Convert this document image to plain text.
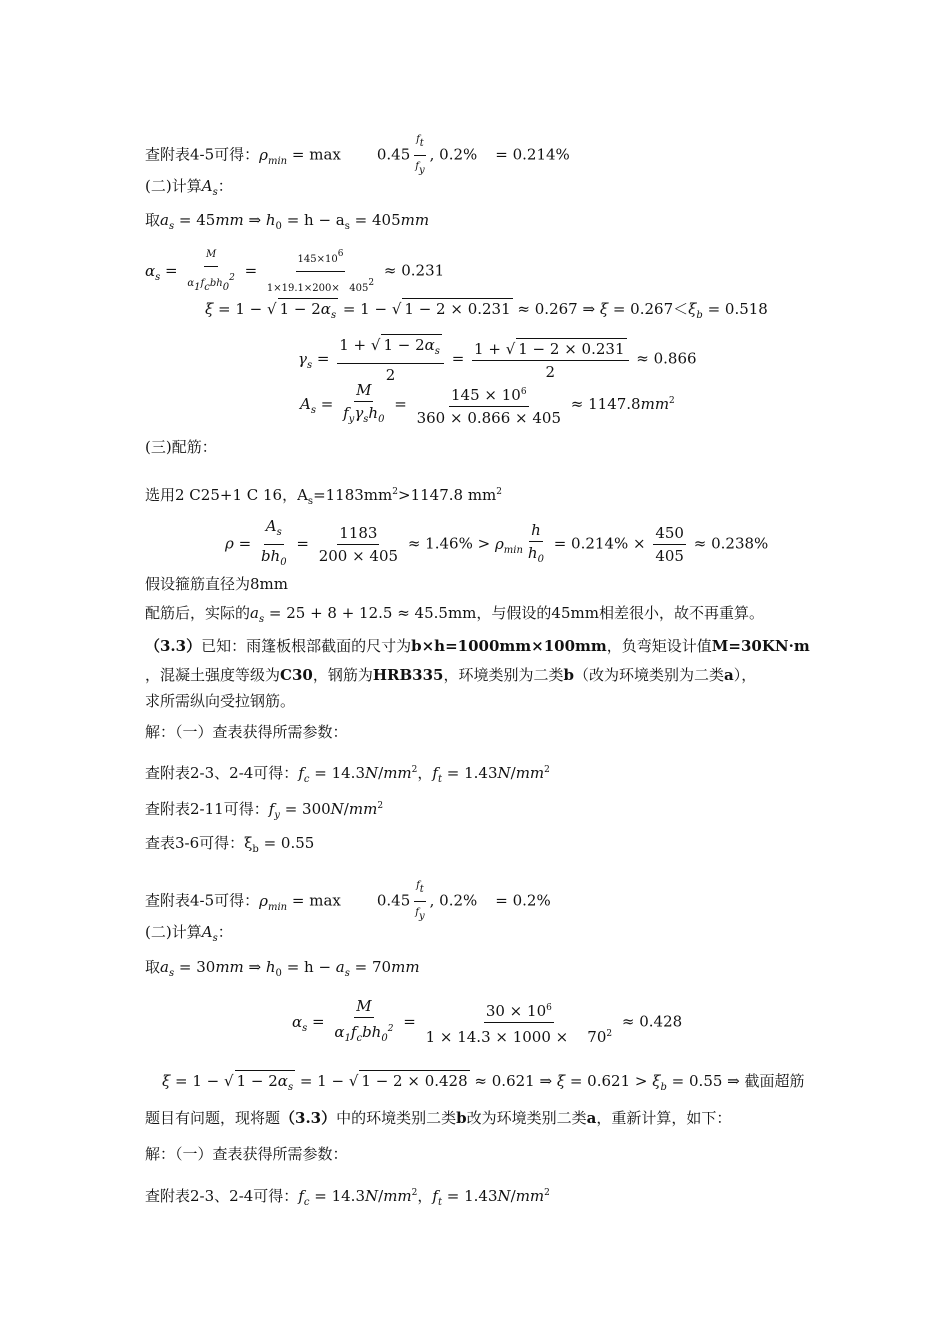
查附表4-5可得：$\rho_{min} = \max 0.45 \frac{f_t}{f_y}$ , 0.2% = 0.214%
(二)计算$A_s$：
取$a_s = 45mm$ ⇒ $h_0 = h - a_s = 405mm$
$\alpha_s = \frac{M}{\alpha_1f_cbh_0^2} = \frac{145\times 10^6}{1\times 19.1\times 200\times 405^2} \approx 0.231$
ξ = 1 − √ $1 - 2\alpha_s = 1$ − √ 1 − 2 × 0.231 ≈ 0.267 ⇒ $\xi = 0.267<\xi_b = 0.518$
$\gamma_s = \frac{1 + √ 1 - 2\alpha_s}{2} = \frac{1 + √ 1 - 2 \times 0.231}{2} \approx 0.866$
$A_s = \frac{M}{f_y\gamma_sh_0} = \frac{145 \times 10^6}{360 \times 0.866 \times 405} \approx 1147.8mm^2$
(三)配筋：
选用2 C25+1 C 16，$A_s=1183mm^2>1147.8$ $mm^2$
$\rho = \frac{A_s}{bh_0} = \frac{1183}{200 \times 405} \approx 1.46\% > \rho_{min} \frac{h}{h_0} = 0.214\% \times \frac{450}{405} \approx 0.238\%$
假设箍筋直径为8mm
配筋后，实际的$a_s = 25 + 8 + 12.5 \approx 45.5mm$，与假设的45mm相差很小，故不再重算。
（3.3）已知：雨篷板根部截面的尺寸为b×h=1000mm×100mm，负弯矩设计值M=30KN·m
，混凝土强度等级为C30，钢筋为HRB335，环境类别为二类b（改为环境类别为二类a），
求所需纵向受拉钢筋。
解：（一）查表获得所需参数：
查附表2-3、2-4可得：$f_c = 14.3N/mm^2$，$f_t = 1.43N/mm^2$
查附表2-11可得：$f_y = 300N/mm^2$
查表3-6可得：$\xi_b = 0.55$
查附表4-5可得：$\rho_{min} = \max 0.45 \frac{f_t}{f_y}$ , 0.2% = 0.2%
(二)计算$A_s$：
取$a_s = 30mm$ ⇒ $h_0 = h - a_s = 70mm$
$\alpha_s = \frac{M}{\alpha_1f_cbh_0^2} = \frac{30 \times 10^6}{1 \times 14.3 \times 1000 \times 70^2} \approx 0.428$
ξ = 1 − √ $1 - 2\alpha_s = 1$ − √ 1 − 2 × 0.428 ≈ 0.621 ⇒ $\xi = 0.621 > \xi_b = 0.55$ ⇒ 截面超筋
题目有问题，现将题（3.3）中的环境类别二类b改为环境类别二类a，重新计算，如下：
解：（一）查表获得所需参数：
查附表2-3、2-4可得：$f_c = 14.3N/mm^2$，$f_t = 1.43N/mm^2$
